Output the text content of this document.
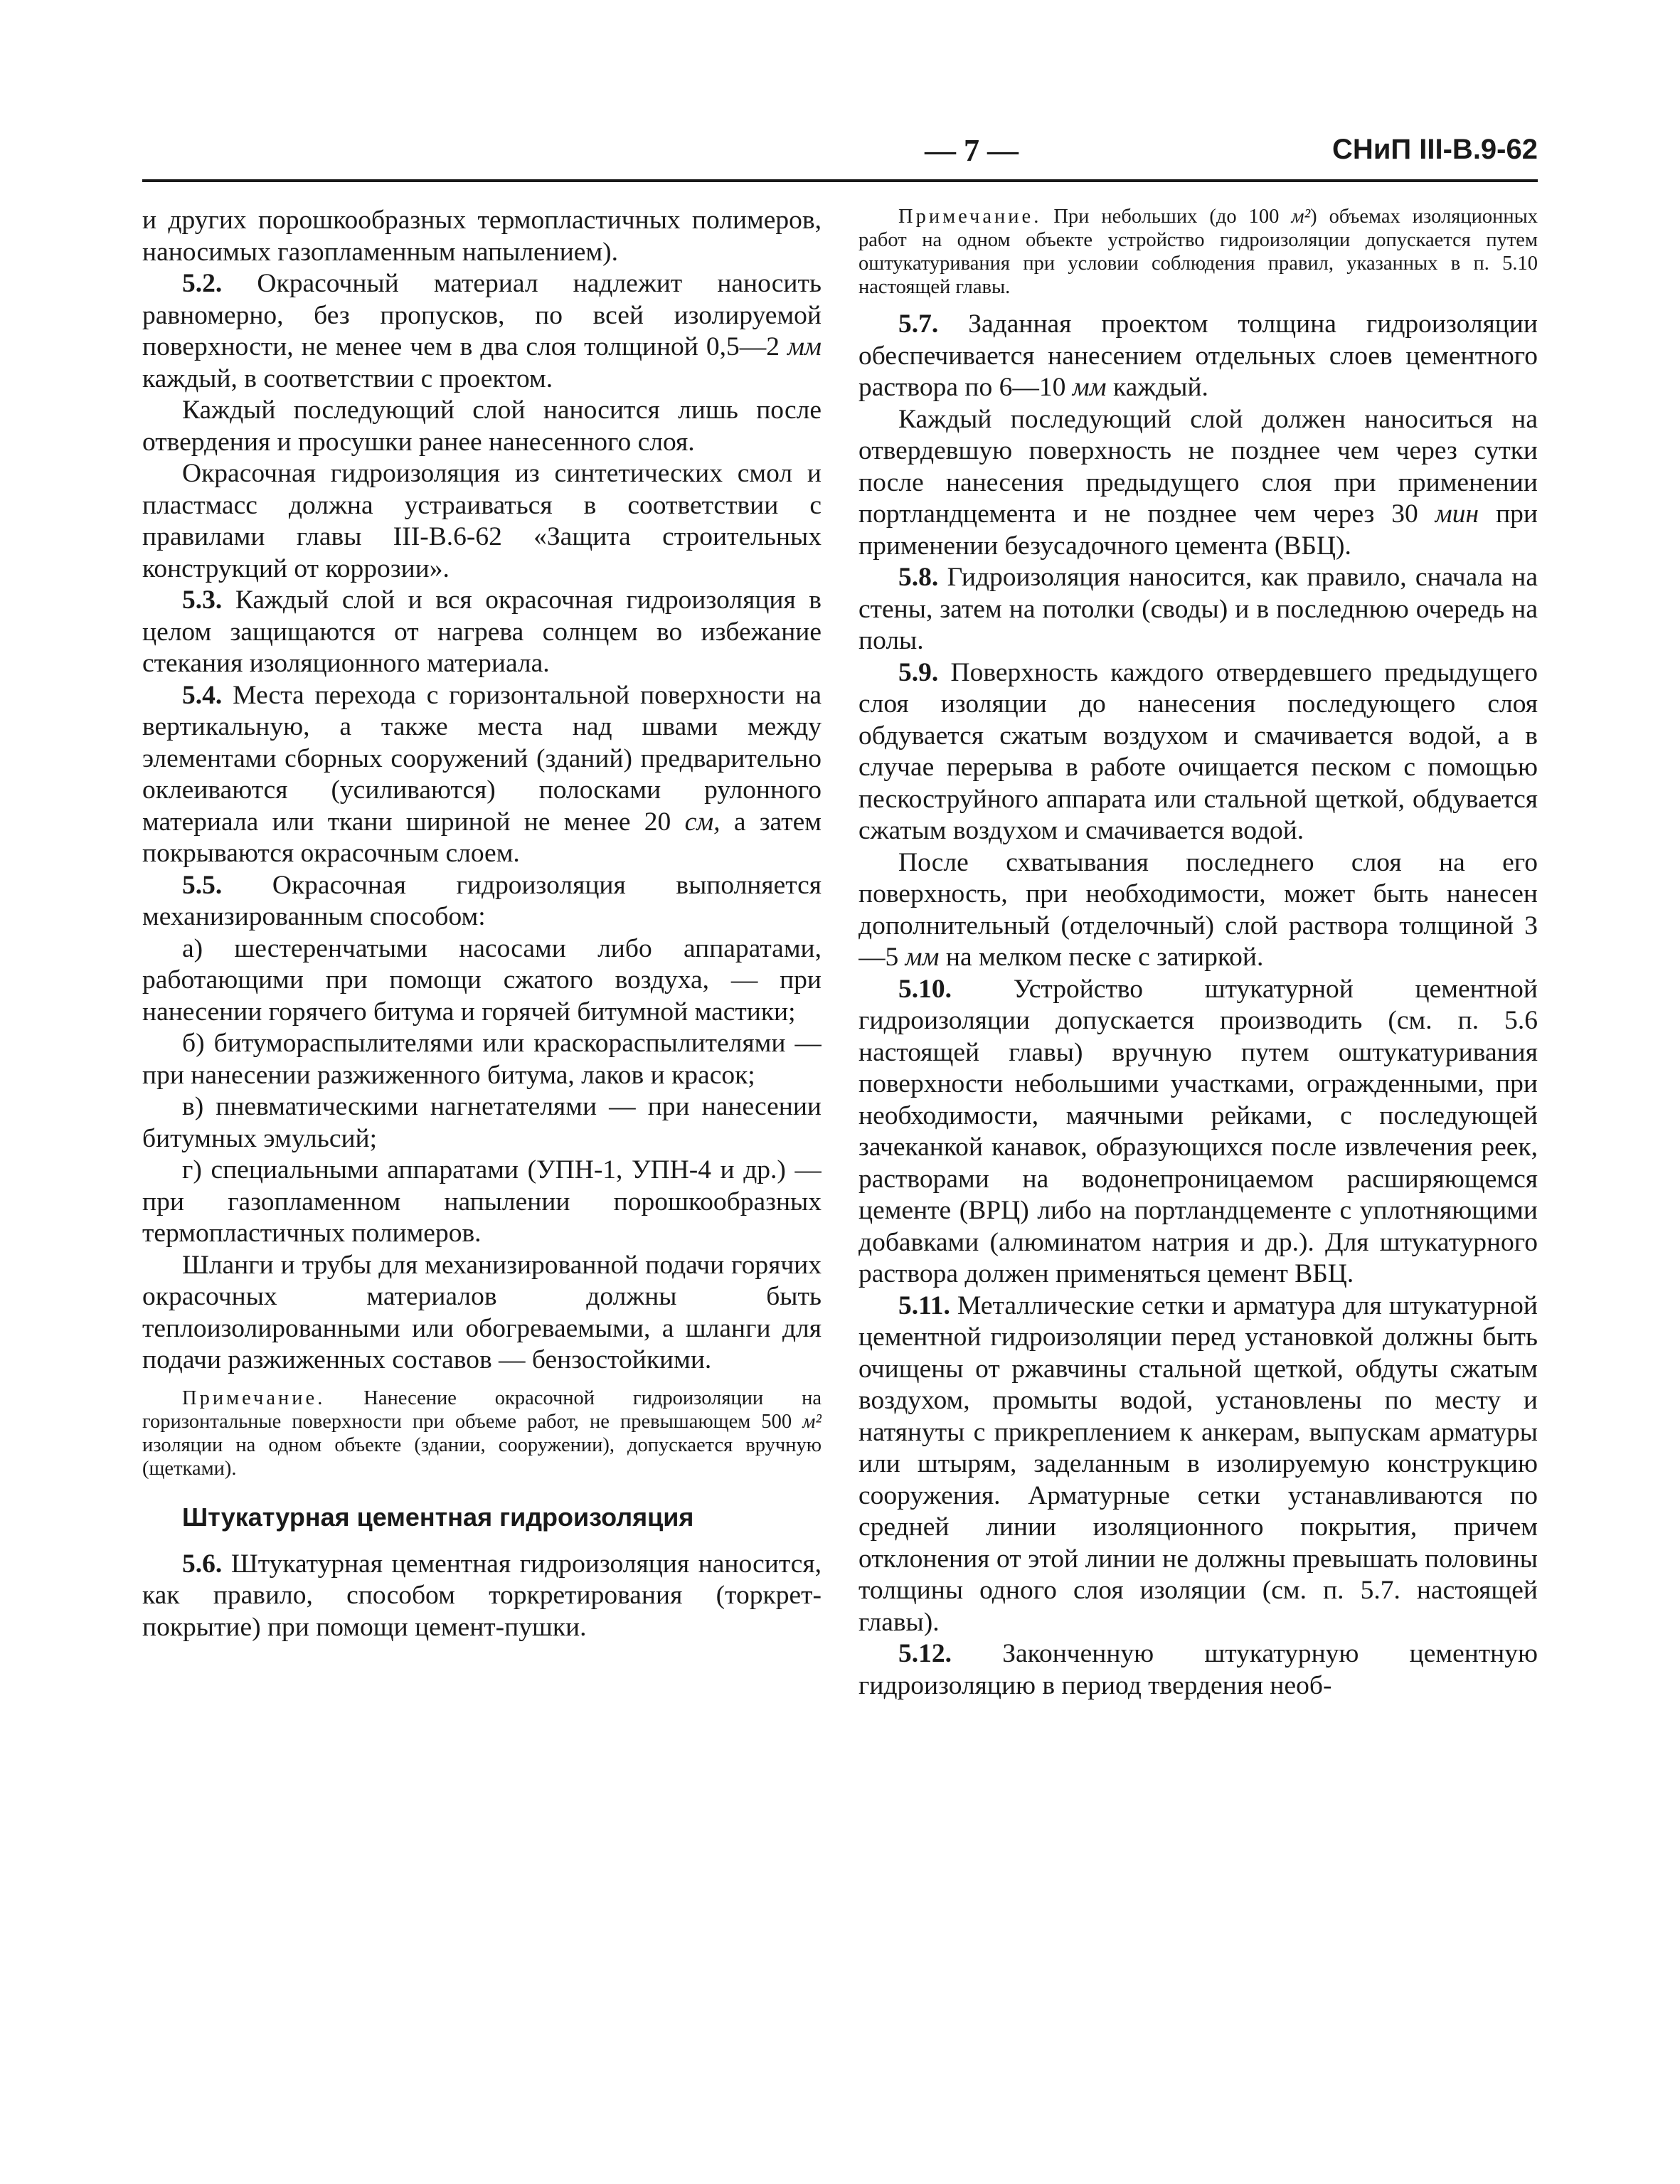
— 7 —	СНиП III-В.9-62

и других порошкообразных термопластичных полимеров, наносимых газопламенным напылением).

5.2. Окрасочный материал надлежит наносить равномерно, без пропусков, по всей изолируемой поверхности, не менее чем в два слоя толщиной 0,5—2 мм каждый, в соответствии с проектом.

Каждый последующий слой наносится лишь после отвердения и просушки ранее нанесенного слоя.

Окрасочная гидроизоляция из синтетических смол и пластмасс должна устраиваться в соответствии с правилами главы III-В.6-62 «Защита строительных конструкций от коррозии».

5.3. Каждый слой и вся окрасочная гидроизоляция в целом защищаются от нагрева солнцем во избежание стекания изоляционного материала.

5.4. Места перехода с горизонтальной поверхности на вертикальную, а также места над швами между элементами сборных сооружений (зданий) предварительно оклеиваются (усиливаются) полосками рулонного материала или ткани шириной не менее 20 см, а затем покрываются окрасочным слоем.

5.5. Окрасочная гидроизоляция выполняется механизированным способом:

а) шестеренчатыми насосами либо аппаратами, работающими при помощи сжатого воздуха, — при нанесении горячего битума и горячей битумной мастики;

б) битумораспылителями или краскораспылителями — при нанесении разжиженного битума, лаков и красок;

в) пневматическими нагнетателями — при нанесении битумных эмульсий;

г) специальными аппаратами (УПН-1, УПН-4 и др.) — при газопламенном напылении порошкообразных термопластичных полимеров.

Шланги и трубы для механизированной подачи горячих окрасочных материалов должны быть теплоизолированными или обогреваемыми, а шланги для подачи разжиженных составов — бензостойкими.

Примечание. Нанесение окрасочной гидроизоляции на горизонтальные поверхности при объеме работ, не превышающем 500 м² изоляции на одном объекте (здании, сооружении), допускается вручную (щетками).

Штукатурная цементная гидроизоляция

5.6. Штукатурная цементная гидроизоляция наносится, как правило, способом торкретирования (торкрет-покрытие) при помощи цемент-пушки.

Примечание. При небольших (до 100 м²) объемах изоляционных работ на одном объекте устройство гидроизоляции допускается путем оштукатуривания при условии соблюдения правил, указанных в п. 5.10 настоящей главы.

5.7. Заданная проектом толщина гидроизоляции обеспечивается нанесением отдельных слоев цементного раствора по 6—10 мм каждый.

Каждый последующий слой должен наноситься на отвердевшую поверхность не позднее чем через сутки после нанесения предыдущего слоя при применении портландцемента и не позднее чем через 30 мин при применении безусадочного цемента (ВБЦ).

5.8. Гидроизоляция наносится, как правило, сначала на стены, затем на потолки (своды) и в последнюю очередь на полы.

5.9. Поверхность каждого отвердевшего предыдущего слоя изоляции до нанесения последующего слоя обдувается сжатым воздухом и смачивается водой, а в случае перерыва в работе очищается песком с помощью пескоструйного аппарата или стальной щеткой, обдувается сжатым воздухом и смачивается водой.

После схватывания последнего слоя на его поверхность, при необходимости, может быть нанесен дополнительный (отделочный) слой раствора толщиной 3—5 мм на мелком песке с затиркой.

5.10. Устройство штукатурной цементной гидроизоляции допускается производить (см. п. 5.6 настоящей главы) вручную путем оштукатуривания поверхности небольшими участками, огражденными, при необходимости, маячными рейками, с последующей зачеканкой канавок, образующихся после извлечения реек, растворами на водонепроницаемом расширяющемся цементе (ВРЦ) либо на портландцементе с уплотняющими добавками (алюминатом натрия и др.). Для штукатурного раствора должен применяться цемент ВБЦ.

5.11. Металлические сетки и арматура для штукатурной цементной гидроизоляции перед установкой должны быть очищены от ржавчины стальной щеткой, обдуты сжатым воздухом, промыты водой, установлены по месту и натянуты с прикреплением к анкерам, выпускам арматуры или штырям, заделанным в изолируемую конструкцию сооружения. Арматурные сетки устанавливаются по средней линии изоляционного покрытия, причем отклонения от этой линии не должны превышать половины толщины одного слоя изоляции (см. п. 5.7. настоящей главы).

5.12. Законченную штукатурную цементную гидроизоляцию в период твердения необ-
